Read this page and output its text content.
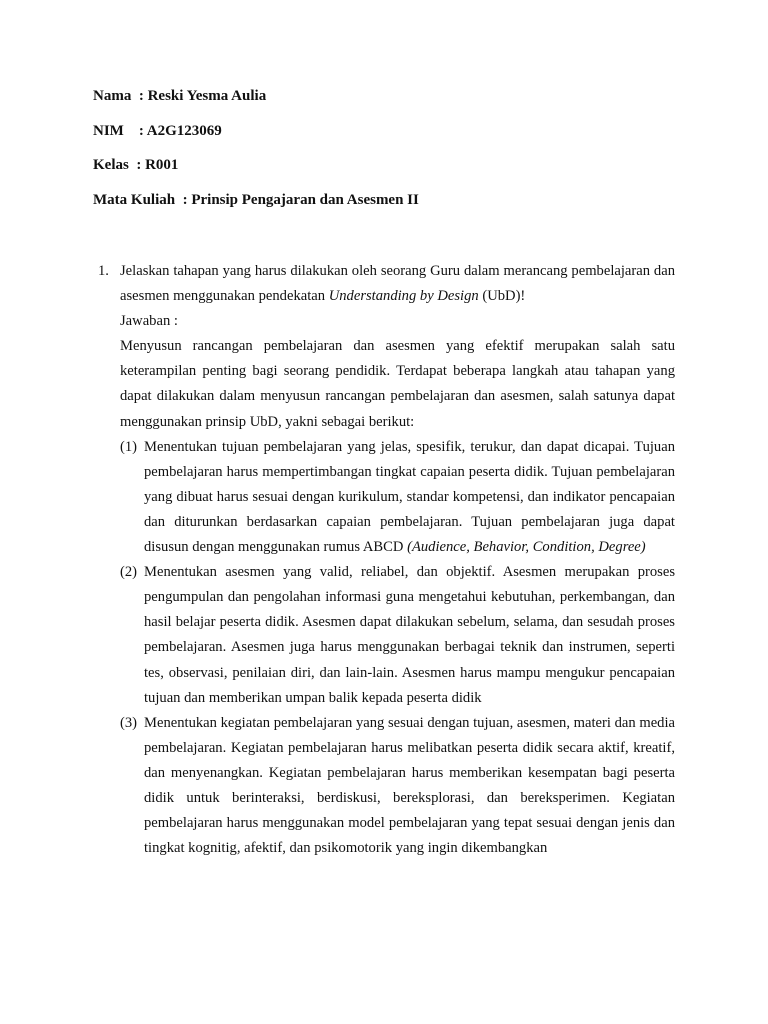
Nama  : Reski Yesma Aulia
NIM    : A2G123069
Kelas  : R001
Mata Kuliah  : Prinsip Pengajaran dan Asesmen II
1. Jelaskan tahapan yang harus dilakukan oleh seorang Guru dalam merancang pembelajaran dan asesmen menggunakan pendekatan Understanding by Design (UbD)!

Jawaban :

Menyusun rancangan pembelajaran dan asesmen yang efektif merupakan salah satu keterampilan penting bagi seorang pendidik. Terdapat beberapa langkah atau tahapan yang dapat dilakukan dalam menyusun rancangan pembelajaran dan asesmen, salah satunya dapat menggunakan prinsip UbD, yakni sebagai berikut:

(1) Menentukan tujuan pembelajaran yang jelas, spesifik, terukur, dan dapat dicapai. Tujuan pembelajaran harus mempertimbangan tingkat capaian peserta didik. Tujuan pembelajaran yang dibuat harus sesuai dengan kurikulum, standar kompetensi, dan indikator pencapaian dan diturunkan berdasarkan capaian pembelajaran. Tujuan pembelajaran juga dapat disusun dengan menggunakan rumus ABCD (Audience, Behavior, Condition, Degree)

(2) Menentukan asesmen yang valid, reliabel, dan objektif. Asesmen merupakan proses pengumpulan dan pengolahan informasi guna mengetahui kebutuhan, perkembangan, dan hasil belajar peserta didik. Asesmen dapat dilakukan sebelum, selama, dan sesudah proses pembelajaran. Asesmen juga harus menggunakan berbagai teknik dan instrumen, seperti tes, observasi, penilaian diri, dan lain-lain. Asesmen harus mampu mengukur pencapaian tujuan dan memberikan umpan balik kepada peserta didik

(3) Menentukan kegiatan pembelajaran yang sesuai dengan tujuan, asesmen, materi dan media pembelajaran. Kegiatan pembelajaran harus melibatkan peserta didik secara aktif, kreatif, dan menyenangkan. Kegiatan pembelajaran harus memberikan kesempatan bagi peserta didik untuk berinteraksi, berdiskusi, bereksplorasi, dan bereksperimen. Kegiatan pembelajaran harus menggunakan model pembelajaran yang tepat sesuai dengan jenis dan tingkat kognitig, afektif, dan psikomotorik yang ingin dikembangkan
